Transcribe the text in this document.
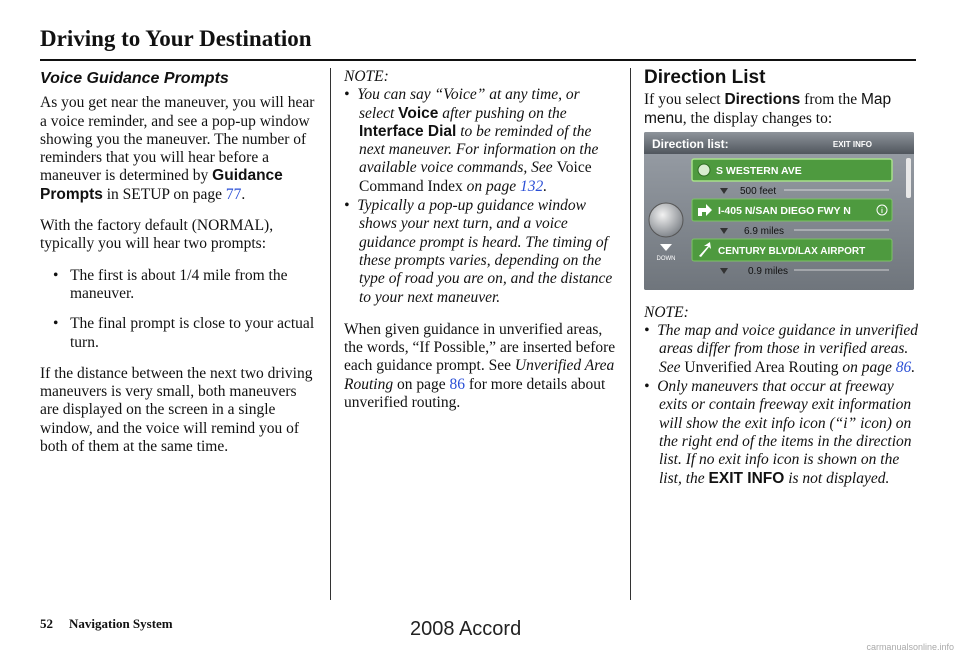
Driving to Your Destination
Voice Guidance Prompts

As you get near the maneuver, you will hear a voice reminder, and see a pop-up window showing you the maneuver. The number of reminders that you will hear before a maneuver is determined by Guidance Prompts in SETUP on page 77.

With the factory default (NORMAL), typically you will hear two prompts:

•   The first is about 1/4 mile from the maneuver.
•   The final prompt is close to your actual turn.

If the distance between the next two driving maneuvers is very small, both maneuvers are displayed on the screen in a single window, and the voice will remind you of both of them at the same time.

NOTE:
•  You can say “Voice” at any time, or select Voice after pushing on the Interface Dial to be reminded of the next maneuver. For information on the available voice commands, See Voice Command Index on page 132.
•  Typically a pop-up guidance window shows your next turn, and a voice guidance prompt is heard. The timing of these prompts varies, depending on the type of road you are on, and the distance to your next maneuver.

When given guidance in unverified areas, the words, “If Possible,” are inserted before each guidance prompt. See Unverified Area Routing on page 86 for more details about unverified routing.

Direction List

If you select Directions from the Map menu, the display changes to:

Direction list:	EXIT INFO
DOWN
S WESTERN AVE
500 feet
I-405 N/SAN DIEGO FWY N	i
6.9 miles
CENTURY BLVD/LAX AIRPORT
0.9 miles
NOTE:
•  The map and voice guidance in unverified areas differ from those in verified areas. See Unverified Area Routing on page 86.
•  Only maneuvers that occur at freeway exits or contain freeway exit information will show the exit info icon (“i” icon) on the right end of the items in the direction list. If no exit info icon is shown on the list, the EXIT INFO is not displayed.
52 Navigation System	2008 Accord
carmanualsonline.info
